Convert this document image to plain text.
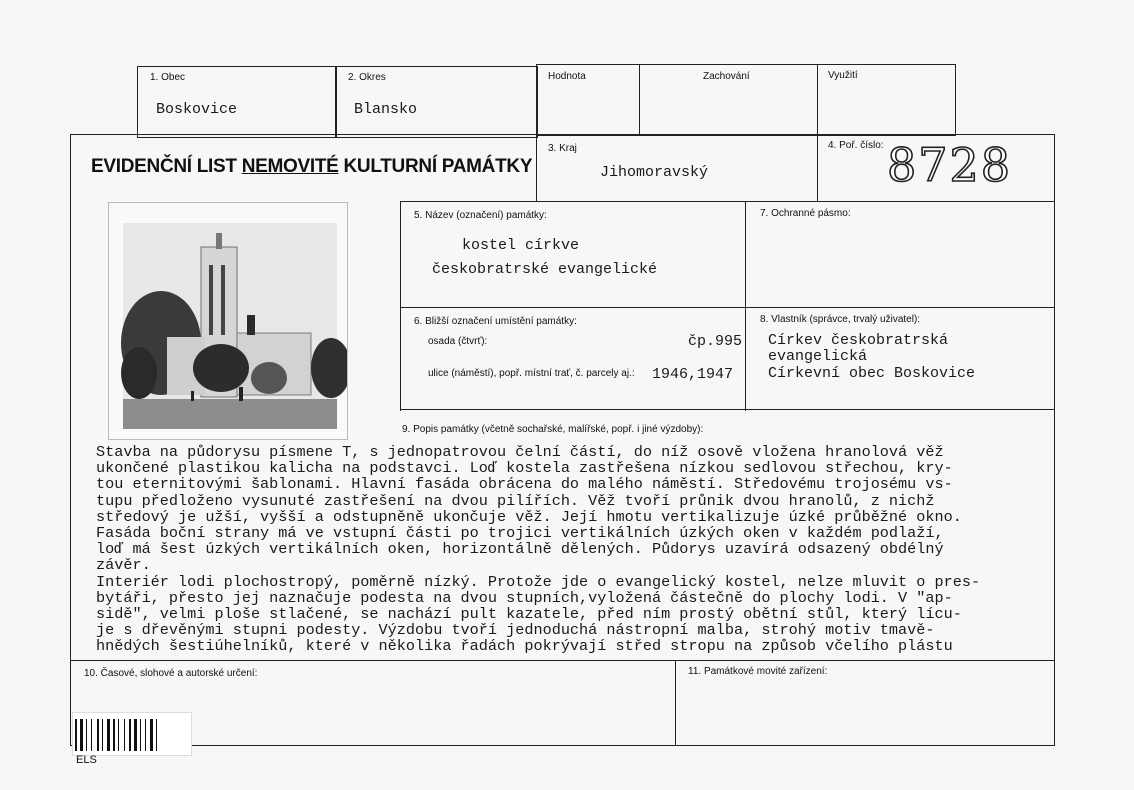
1. Obec
Boskovice
2. Okres
Blansko
Hodnota	Zachování	Využití
EVIDENČNÍ LIST NEMOVITÉ KULTURNÍ PAMÁTKY
3. Kraj
Jihomoravský
4. Poř. číslo: 8728
5. Název (označení) památky:
kostel církve
českobratrské evangelické
7. Ochranné pásmo:
6. Bližší označení umístění památky:
osada (čtvrť):	čp.995
ulice (náměstí), popř. místní trať, č. parcely aj.: 1946,1947
8. Vlastník (správce, trvalý uživatel):
Církev českobratrská
evangelická
Církevní obec Boskovice
9. Popis památky (včetně sochařské, malířské, popř. i jiné výzdoby):
Stavba na půdorysu písmene T, s jednopatrovou čelní částí, do níž osově vložena hranolová věž
ukončené plastikou kalicha na podstavci. Loď kostela zastřešena nízkou sedlovou střechou, kry-
tou eternitovými šablonami. Hlavní fasáda obrácena do malého náměstí. Středovému trojosému vs-
tupu předloženo vysunuté zastřešení na dvou pilířích. Věž tvoří průnik dvou hranolů, z nichž
středový je užší, vyšší a odstupněně ukončuje věž. Její hmotu vertikalizuje úzké průběžné okno.
Fasáda boční strany má ve vstupní části po trojici vertikálních úzkých oken v každém podlaží,
loď má šest úzkých vertikálních oken, horizontálně dělených. Půdorys uzavírá odsazený obdélný
závěr.
Interiér lodi plochostropý, poměrně nízký. Protože jde o evangelický kostel, nelze mluvit o pres-
bytáři, přesto jej naznačuje podesta na dvou stupních,vyložená částečně do plochy lodi. V "ap-
sidě", velmi ploše stlačené, se nachází pult kazatele, před ním prostý obětní stůl, který lícu-
je s dřevěnými stupni podesty. Výzdobu tvoří jednoduchá nástropní malba, strohý motiv tmavě-
hnědých šestiúhelníků, které v několika řadách pokrývají střed stropu na způsob včelího plástu
10. Časové, slohové a autorské určení:	11. Památkové movité zařízení:
ELS
